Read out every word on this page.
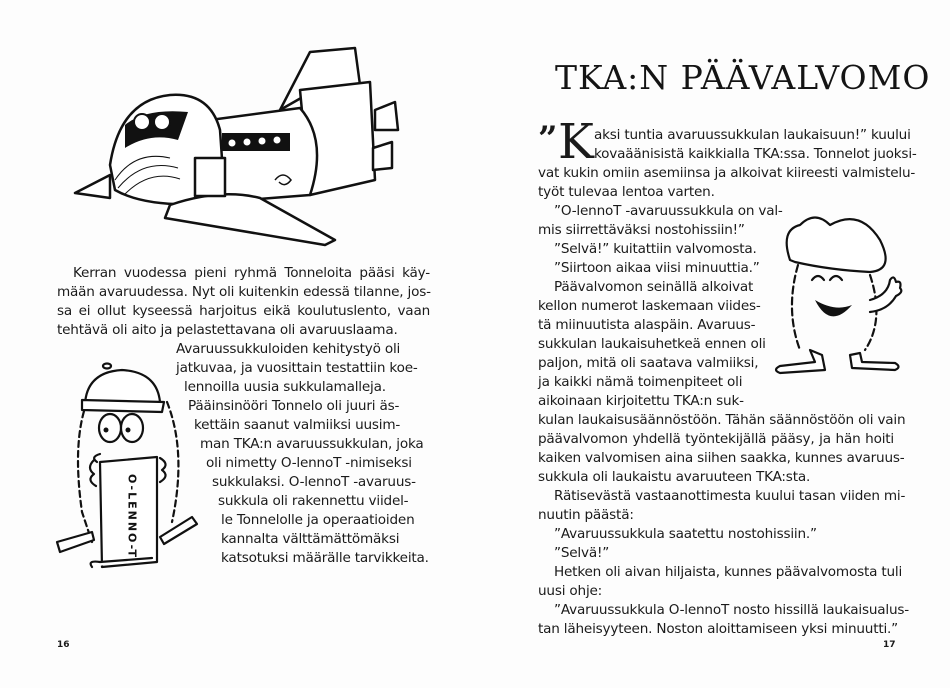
Kerran vuodessa pieni ryhmä Tonneloita pääsi käy-
mään avaruudessa. Nyt oli kuitenkin edessä tilanne, jos-
sa ei ollut kyseessä harjoitus eikä koulutuslento, vaan
tehtävä oli aito ja pelastettavana oli avaruuslaama.
Avaruussukkuloiden kehitystyö oli
jatkuvaa, ja vuosittain testattiin koe-
lennoilla uusia sukkulamalleja.
Pääinsinööri Tonnelo oli juuri äs-
kettäin saanut valmiiksi uusim-
man TKA:n avaruussukkulan, joka
oli nimetty O-lennoT -nimiseksi
sukkulaksi. O-lennoT -avaruus-
sukkula oli rakennettu viidel-
le Tonnelolle ja operaatioiden
kannalta välttämättömäksi
katsotuksi määrälle tarvikkeita.
O-LENNO-T
16
TKA:N PÄÄVALVOMO
” K aksi tuntia avaruussukkulan laukaisuun!” kuului
kovaäänisistä kaikkialla TKA:ssa. Tonnelot juoksi-
vat kukin omiin asemiinsa ja alkoivat kiireesti valmistelu-
työt tulevaa lentoa varten.
”O-lennoT -avaruussukkula on val-
mis siirrettäväksi nostohissiin!”
”Selvä!” kuitattiin valvomosta.
”Siirtoon aikaa viisi minuuttia.”
Päävalvomon seinällä alkoivat
kellon numerot laskemaan viides-
tä miinuutista alaspäin. Avaruus-
sukkulan laukaisuhetkeä ennen oli
paljon, mitä oli saatava valmiiksi,
ja kaikki nämä toimenpiteet oli
aikoinaan kirjoitettu TKA:n suk-
kulan laukaisusäännöstöön. Tähän säännöstöön oli vain
päävalvomon yhdellä työntekijällä pääsy, ja hän hoiti
kaiken valvomisen aina siihen saakka, kunnes avaruus-
sukkula oli laukaistu avaruuteen TKA:sta.
Rätisevästä vastaanottimesta kuului tasan viiden mi-
nuutin päästä:
”Avaruussukkula saatettu nostohissiin.”
”Selvä!”
Hetken oli aivan hiljaista, kunnes päävalvomosta tuli
uusi ohje:
”Avaruussukkula O-lennoT nosto hissillä laukaisualus-
tan läheisyyteen. Noston aloittamiseen yksi minuutti.”
17
